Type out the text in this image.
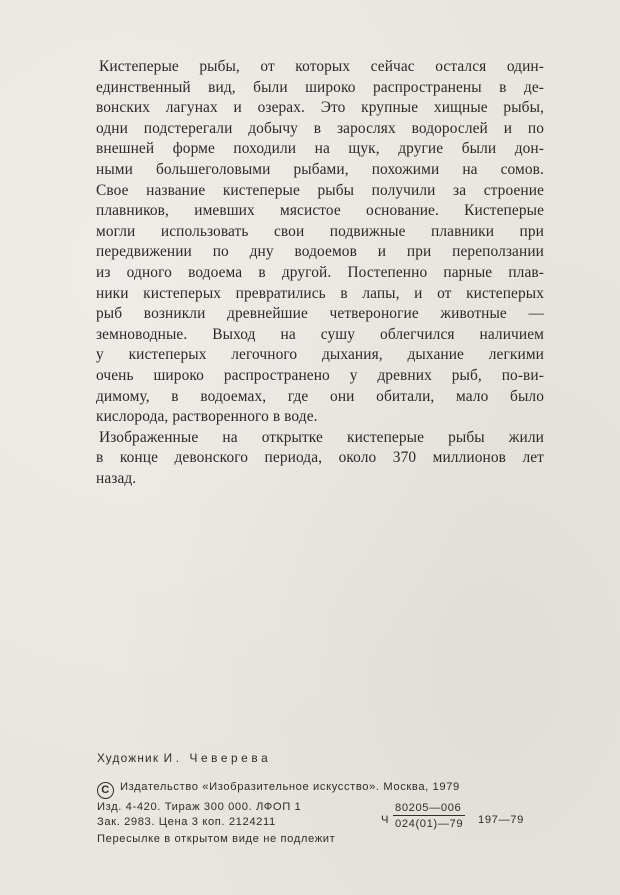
Кистеперые рыбы, от которых сейчас остался один-
единственный вид, были широко распространены в де-
вонских лагунах и озерах. Это крупные хищные рыбы,
одни подстерегали добычу в зарослях водорослей и по
внешней форме походили на щук, другие были дон-
ными большеголовыми рыбами, похожими на сомов.
Свое название кистеперые рыбы получили за строение
плавников, имевших мясистое основание. Кистеперые
могли использовать свои подвижные плавники при
передвижении по дну водоемов и при переползании
из одного водоема в другой. Постепенно парные плав-
ники кистеперых превратились в лапы, и от кистеперых
рыб возникли древнейшие четвероногие животные —
земноводные. Выход на сушу облегчился наличием
у кистеперых легочного дыхания, дыхание легкими
очень широко распространено у древних рыб, по-ви-
димому, в водоемах, где они обитали, мало было
кислорода, растворенного в воде.

Изображенные на открытке кистеперые рыбы жили
в конце девонского периода, около 370 миллионов лет
назад.

Художник И. Чеверева
C Издательство «Изобразительное искусство». Москва, 1979
Изд. 4-420. Тираж 300 000. ЛФОП 1
Зак. 2983. Цена 3 коп. 2124211
Пересылке в открытом виде не подлежит
Ч $\frac{80205—006}{024(01)—79}$ 197—79
